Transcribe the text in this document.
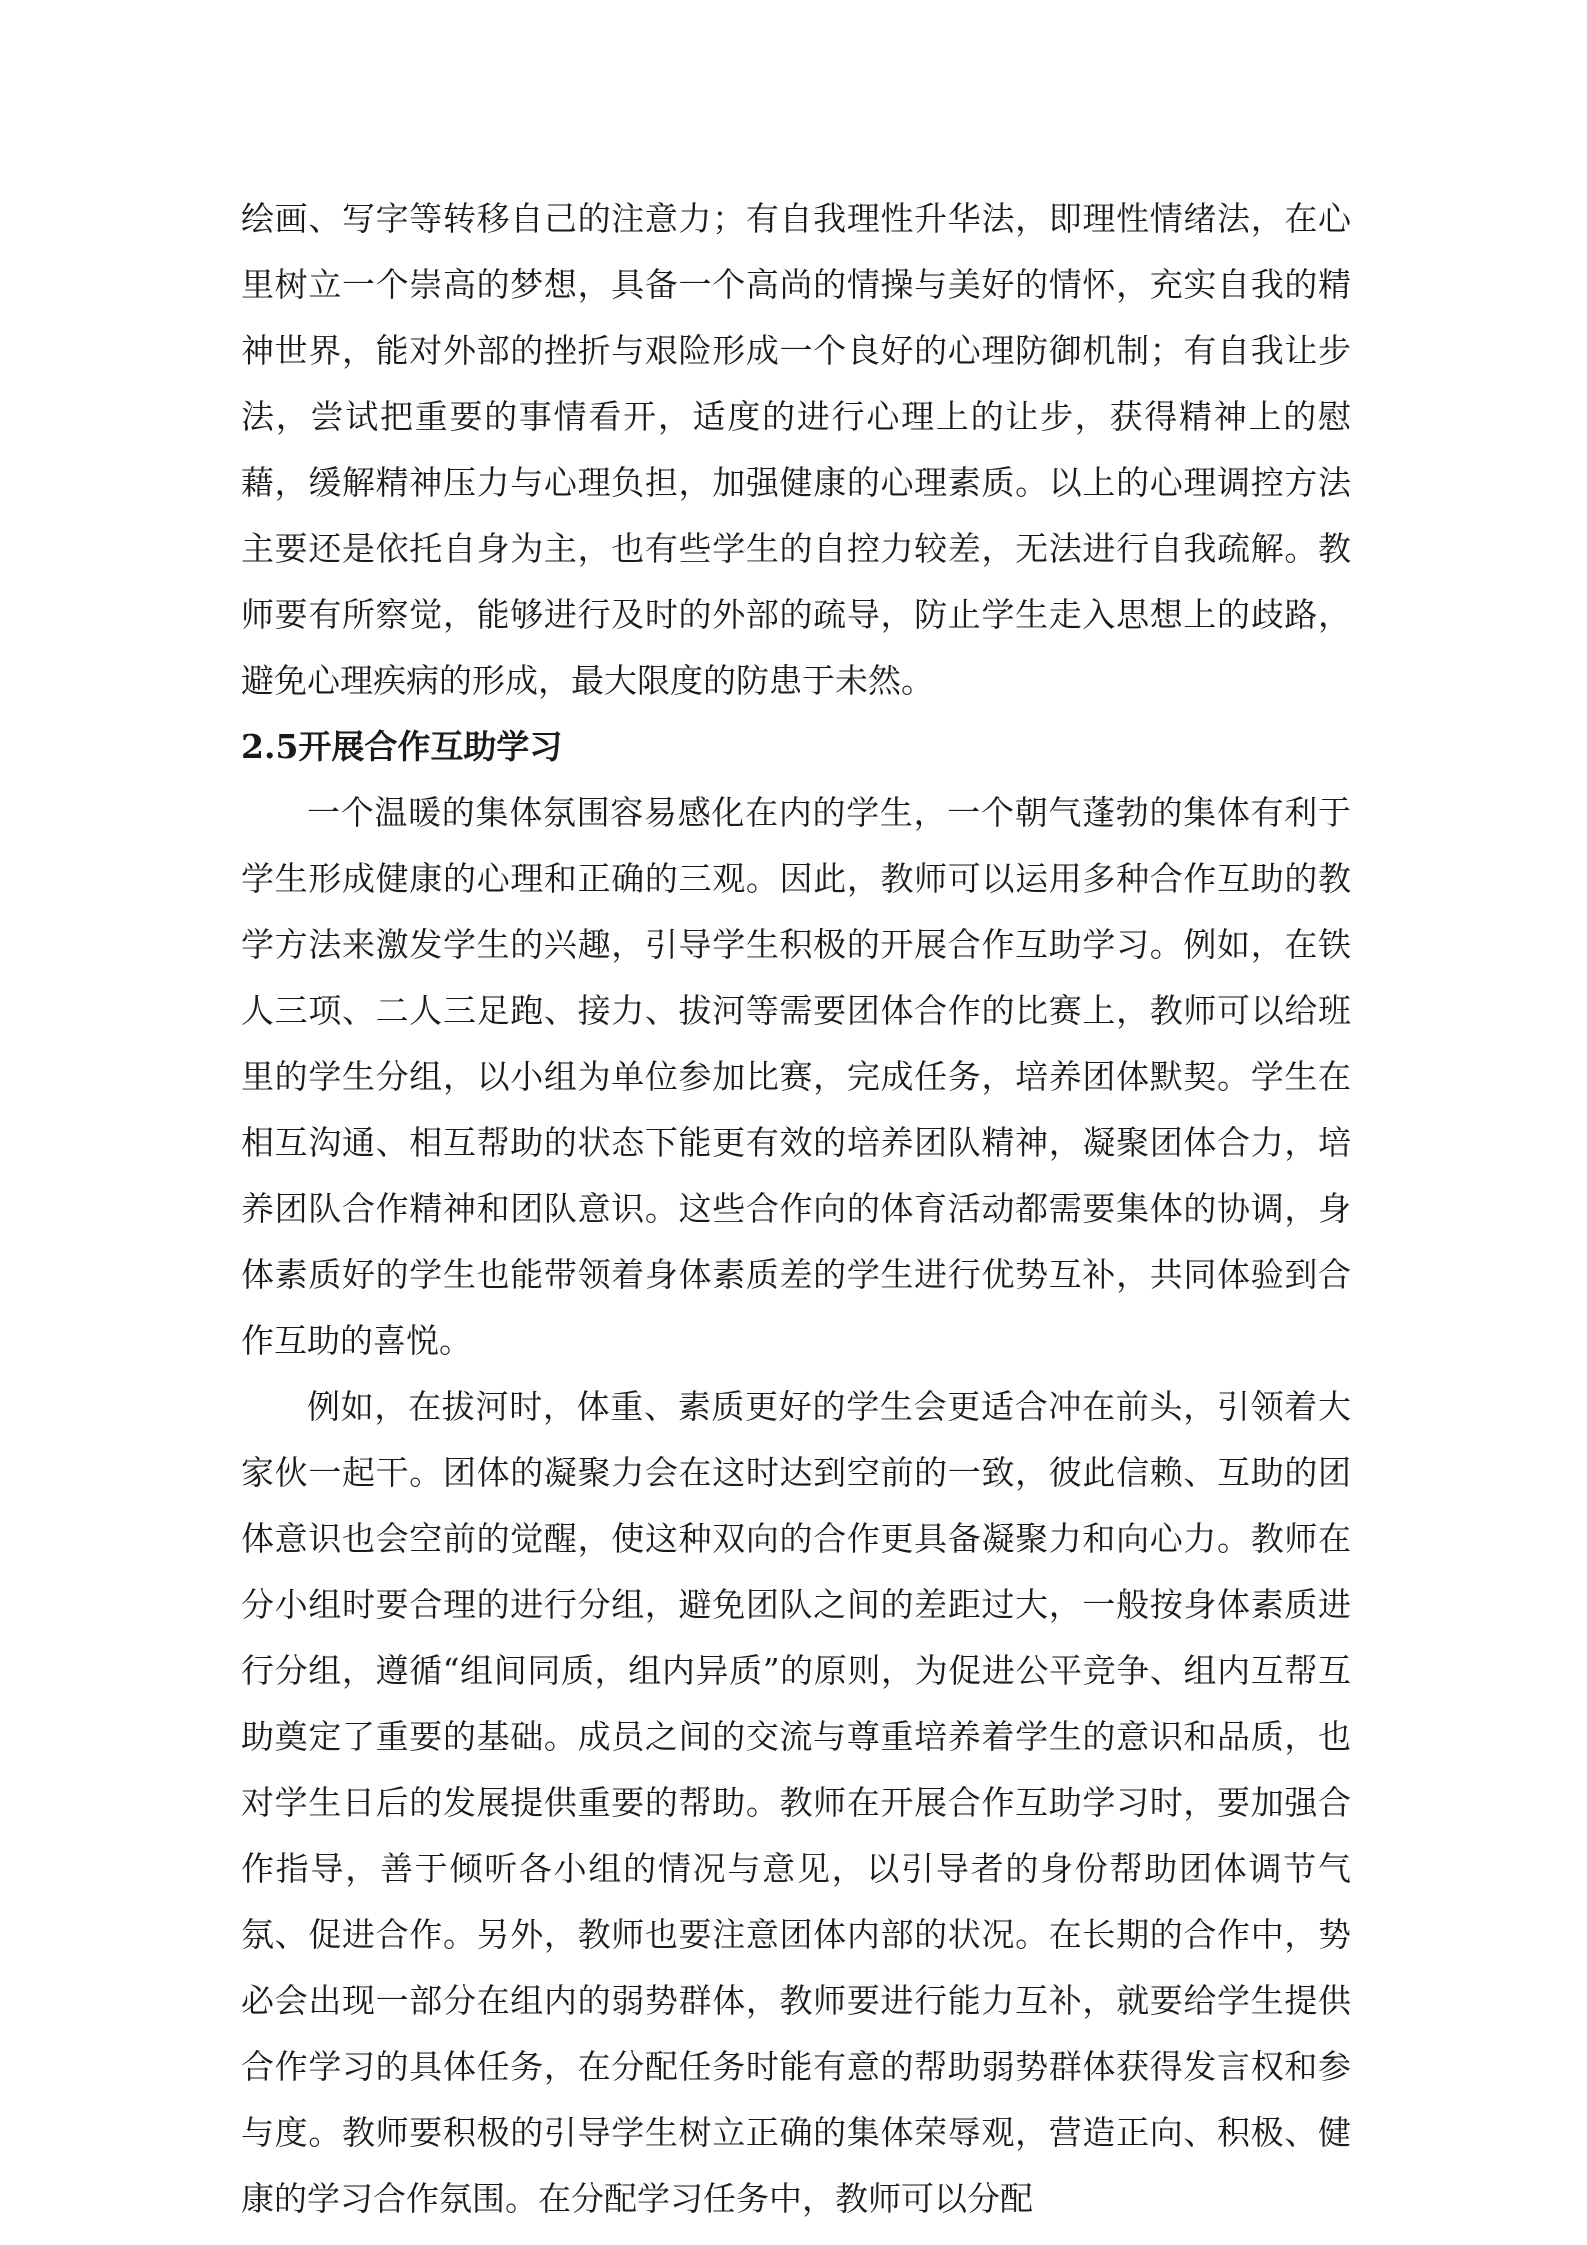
绘画、写字等转移自己的注意力；有自我理性升华法，即理性情绪法，在心里树立一个崇高的梦想，具备一个高尚的情操与美好的情怀，充实自我的精神世界，能对外部的挫折与艰险形成一个良好的心理防御机制；有自我让步法，尝试把重要的事情看开，适度的进行心理上的让步，获得精神上的慰藉，缓解精神压力与心理负担，加强健康的心理素质。以上的心理调控方法主要还是依托自身为主，也有些学生的自控力较差，无法进行自我疏解。教师要有所察觉，能够进行及时的外部的疏导，防止学生走入思想上的歧路，避免心理疾病的形成，最大限度的防患于未然。

2.5开展合作互助学习

一个温暖的集体氛围容易感化在内的学生，一个朝气蓬勃的集体有利于学生形成健康的心理和正确的三观。因此，教师可以运用多种合作互助的教学方法来激发学生的兴趣，引导学生积极的开展合作互助学习。例如，在铁人三项、二人三足跑、接力、拔河等需要团体合作的比赛上，教师可以给班里的学生分组，以小组为单位参加比赛，完成任务，培养团体默契。学生在相互沟通、相互帮助的状态下能更有效的培养团队精神，凝聚团体合力，培养团队合作精神和团队意识。这些合作向的体育活动都需要集体的协调，身体素质好的学生也能带领着身体素质差的学生进行优势互补，共同体验到合作互助的喜悦。

例如，在拔河时，体重、素质更好的学生会更适合冲在前头，引领着大家伙一起干。团体的凝聚力会在这时达到空前的一致，彼此信赖、互助的团体意识也会空前的觉醒，使这种双向的合作更具备凝聚力和向心力。教师在分小组时要合理的进行分组，避免团队之间的差距过大，一般按身体素质进行分组，遵循“组间同质，组内异质”的原则，为促进公平竞争、组内互帮互助奠定了重要的基础。成员之间的交流与尊重培养着学生的意识和品质，也对学生日后的发展提供重要的帮助。教师在开展合作互助学习时，要加强合作指导，善于倾听各小组的情况与意见，以引导者的身份帮助团体调节气氛、促进合作。另外，教师也要注意团体内部的状况。在长期的合作中，势必会出现一部分在组内的弱势群体，教师要进行能力互补，就要给学生提供合作学习的具体任务，在分配任务时能有意的帮助弱势群体获得发言权和参与度。教师要积极的引导学生树立正确的集体荣辱观，营造正向、积极、健康的学习合作氛围。在分配学习任务中，教师可以分配
